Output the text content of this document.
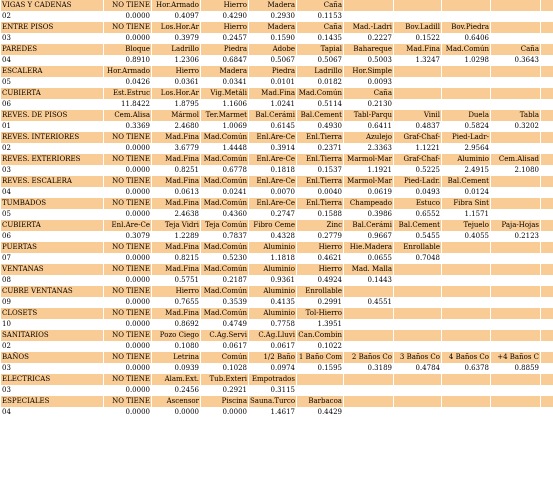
VIGAS Y CADENAS	NO TIENE	Hor.Armado	Hierro	Madera	Caña					
02	0.0000	0.4097	0.4290	0.2930	0.1153					
ENTRE PISOS	NO TIENE	Los.Hor.Ar	Hierro	Madera	Caña	Mad.-Ladri	Bov.Ladill	Bov.Piedra		
03	0.0000	0.3979	0.2457	0.1590	0.1435	0.2227	0.1522	0.6406		
PAREDES	Bloque	Ladrillo	Piedra	Adobe	Tapial	Bahareque	Mad.Fina	Mad.Común	Caña	
04	0.8910	1.2306	0.6847	0.5067	0.5067	0.5003	1.3247	1.0298	0.3643	
ESCALERA	Hor.Armado	Hierro	Madera	Piedra	Ladrillo	Hor.Simple				
05	0.0426	0.0361	0.0341	0.0101	0.0182	0.0093				
CUBIERTA	Est.Estruc	Los.Hor.Ar	Vig.Metáli	Mad.Fina	Mad.Común	Caña				
06	11.8422	1.8795	1.1606	1.0241	0.5114	0.2130				
REVES. DE PISOS	Cem.Alisa	Mármol	Ter.Marmet	Bal.Cerámi	Bal.Cement	Tabl-Parqu	Vinil	Duela	Tabla	
01	0.3369	2.4680	1.0069	0.6145	0.4930	0.6411	0.4837	0.5824	0.3202	
REVES. INTERIORES	NO TIENE	Mad.Fina	Mad.Común	Enl.Are-Ce	Enl.Tierra	Azulejo	Graf-Chaf-	Pied-Ladr-		
02	0.0000	3.6779	1.4448	0.3914	0.2371	2.3363	1.1221	2.9564		
REVES. EXTERIORES	NO TIENE	Mad.Fina	Mad.Común	Enl.Are-Ce	Enl.Tierra	Marmol-Mar	Graf-Chaf-	Aluminio	Cem.Alisad	
03	0.0000	0.8251	0.6778	0.1818	0.1537	1.1921	0.5225	2.4915	2.1080	
REVES. ESCALERA	NO TIENE	Mad.Fina	Mad.Común	Enl.Are-Ce	Enl.Tierra	Marmol-Mar	Pied-Ladr.	Bal.Cement		
04	0.0000	0.0613	0.0241	0.0070	0.0040	0.0619	0.0493	0.0124		
TUMBADOS	NO TIENE	Mad.Fina	Mad.Común	Enl.Are-Ce	Enl.Tierra	Champeado	Estuco	Fibra Sint		
05	0.0000	2.4638	0.4360	0.2747	0.1588	0.3986	0.6552	1.1571		
CUBIERTA	Enl.Are-Ce	Teja Vidri	Teja Común	Fibro Ceme	Zinc	Bal.Cerámi	Bal.Cement	Tejuelo	Paja-Hojas	
06	0.3079	1.2289	0.7837	0.4328	0.2779	0.9667	0.5455	0.4055	0.2123	
PUERTAS	NO TIENE	Mad.Fina	Mad.Común	Aluminio	Hierro	Hie.Madera	Enrollable			
07	0.0000	0.8215	0.5230	1.1818	0.4621	0.0655	0.7048			
VENTANAS	NO TIENE	Mad.Fina	Mad.Común	Aluminio	Hierro	Mad. Malla				
08	0.0000	0.5751	0.2187	0.9361	0.4924	0.1443				
CUBRE VENTANAS	NO TIENE	Hierro	Mad.Común	Aluminio	Enrollable					
09	0.0000	0.7655	0.3539	0.4135	0.2991	0.4551				
CLOSETS	NO TIENE	Mad.Fina	Mad.Común	Aluminio	Tol-Hierro					
10	0.0000	0.8692	0.4749	0.7758	1.3951					
SANITARIOS	NO TIENE	Pozo Ciego	C.Ag.Servi	C.Ag.Lluvi	Can.Combin					
02	0.0000	0.1080	0.0617	0.0617	0.1022					
BAÑOS	NO TIENE	Letrina	Común	1/2 Baño	1 Baño Com	2 Baños Co	3 Baños Co	4 Baños Co	+4 Baños C	
03	0.0000	0.0939	0.1028	0.0974	0.1595	0.3189	0.4784	0.6378	0.8859	
ELECTRICAS	NO TIENE	Alam.Ext.	Tub.Exteri	Empotrados						
03	0.0000	0.2456	0.2921	0.3115						
ESPECIALES	NO TIENE	Ascensor	Piscina	Sauna.Turco	Barbacoa					
04	0.0000	0.0000	0.0000	1.4617	0.4429					
